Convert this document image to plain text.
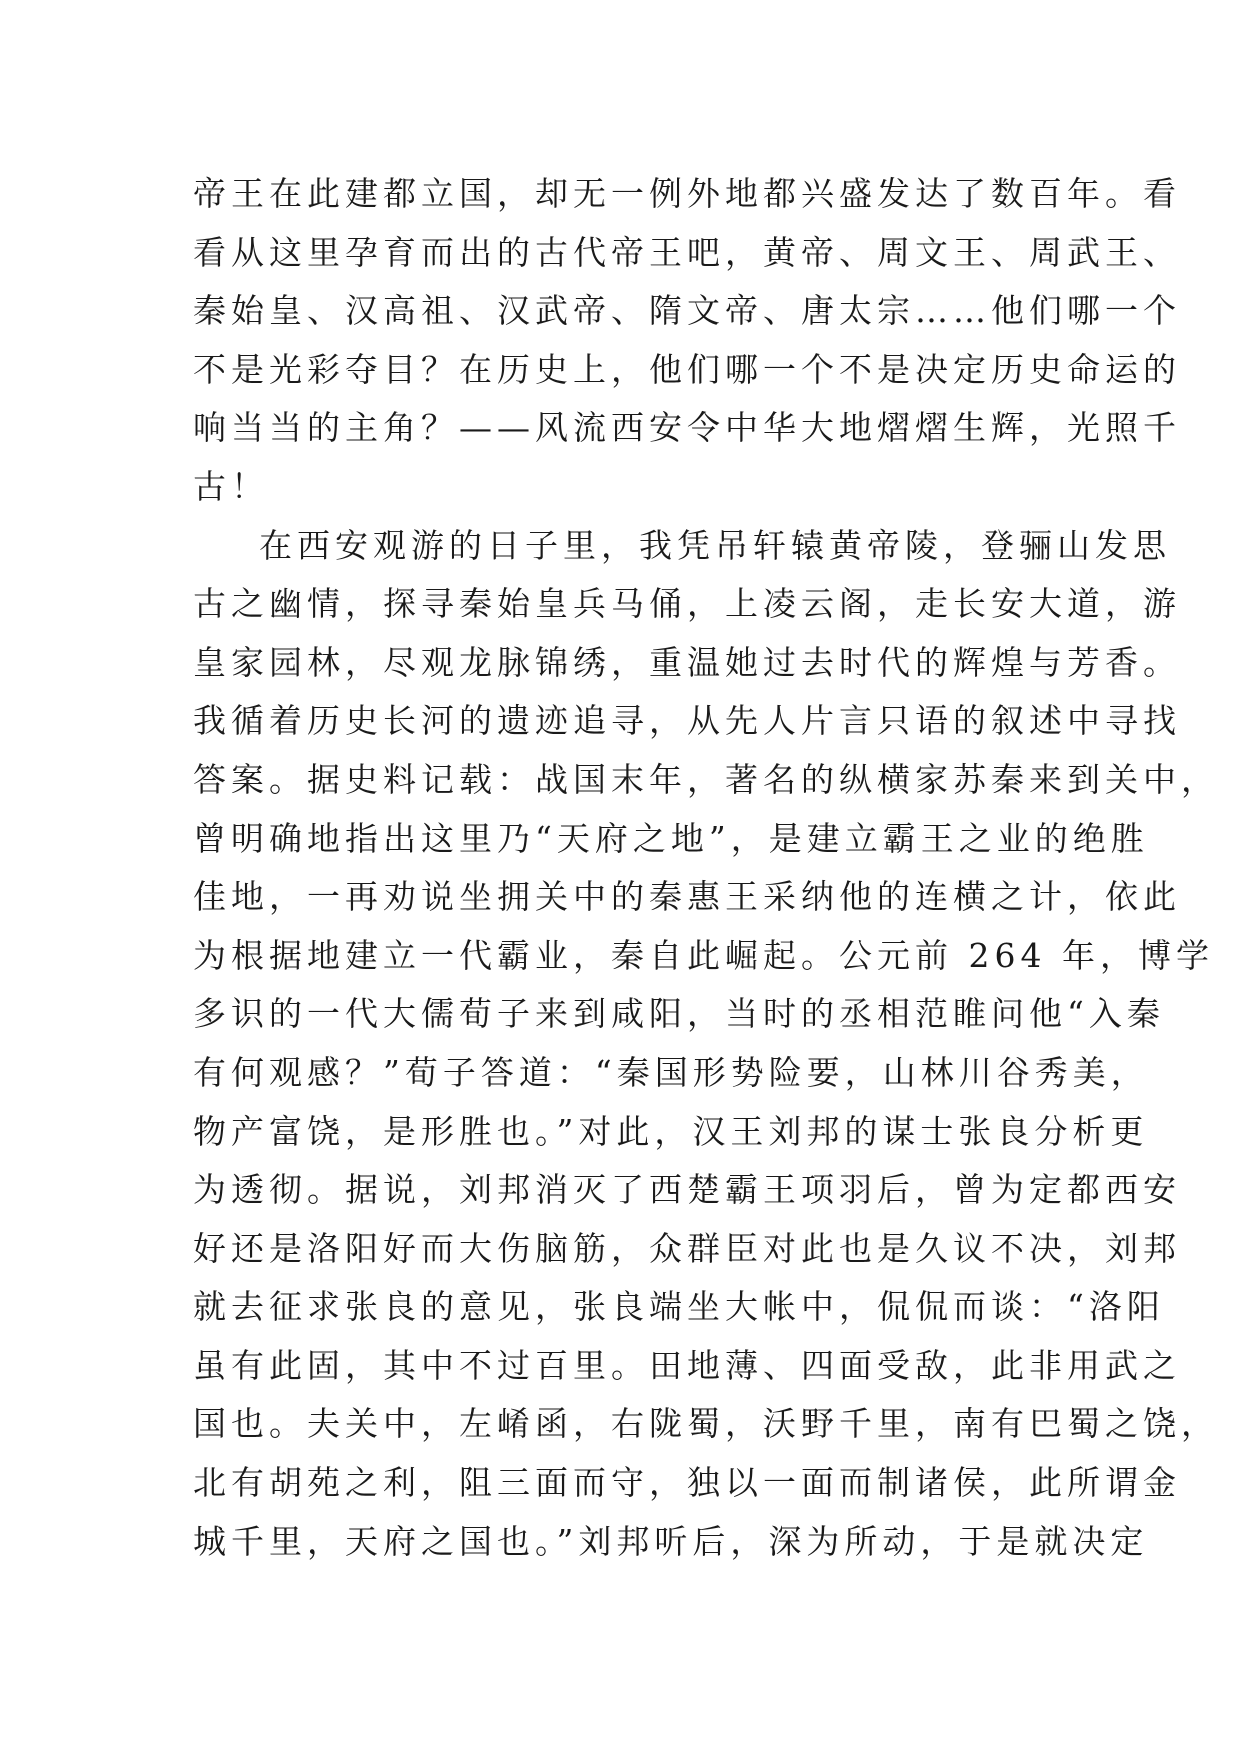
帝王在此建都立国，却无一例外地都兴盛发达了数百年。看
看从这里孕育而出的古代帝王吧，黄帝、周文王、周武王、
秦始皇、汉高祖、汉武帝、隋文帝、唐太宗……他们哪一个
不是光彩夺目？在历史上，他们哪一个不是决定历史命运的
响当当的主角？——风流西安令中华大地熠熠生辉，光照千
古！
在西安观游的日子里，我凭吊轩辕黄帝陵，登骊山发思
古之幽情，探寻秦始皇兵马俑，上凌云阁，走长安大道，游
皇家园林，尽观龙脉锦绣，重温她过去时代的辉煌与芳香。
我循着历史长河的遗迹追寻，从先人片言只语的叙述中寻找
答案。据史料记载：战国末年，著名的纵横家苏秦来到关中，
曾明确地指出这里乃“天府之地”，是建立霸王之业的绝胜
佳地，一再劝说坐拥关中的秦惠王采纳他的连横之计，依此
为根据地建立一代霸业，秦自此崛起。公元前 264 年，博学
多识的一代大儒荀子来到咸阳，当时的丞相范睢问他“入秦
有何观感？”荀子答道：“秦国形势险要，山林川谷秀美，
物产富饶，是形胜也。”对此，汉王刘邦的谋士张良分析更
为透彻。据说，刘邦消灭了西楚霸王项羽后，曾为定都西安
好还是洛阳好而大伤脑筋，众群臣对此也是久议不决，刘邦
就去征求张良的意见，张良端坐大帐中，侃侃而谈：“洛阳
虽有此固，其中不过百里。田地薄、四面受敌，此非用武之
国也。夫关中，左崤函，右陇蜀，沃野千里，南有巴蜀之饶，
北有胡苑之利，阻三面而守，独以一面而制诸侯，此所谓金
城千里，天府之国也。”刘邦听后，深为所动，于是就决定
